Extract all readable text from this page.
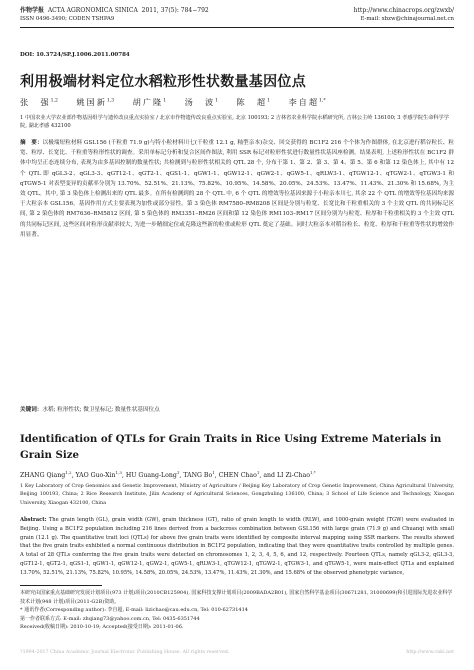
作物学报 ACTA AGRONOMICA SINICA 2011, 37(5): 784−792	http://www.chinacrops.org/zwxb/
ISSN 0496-3490; CODEN TSHPA9	E-mail: xbzw@chinajournal.net.cn
DOI: 10.3724/SP.J.1006.2011.00784
利用极端材料定位水稻粒形性状数量基因位点
张　强$^{1,2}$ 姚国新$^{1,3}$ 胡广隆$^1$ 汤　波$^1$ 陈　超$^1$ 李自超$^{1,*}$
1 中国农业大学农业部作物基因组学与遗传改良重点实验室 / 北京市作物遗传改良重点实验室, 北京 100193; 2 吉林省农业科学院水稻研究所, 吉林公主岭 136100; 3 孝感学院生命科学学院, 湖北孝感 432100
摘　要：以极端短粒材料 GSL156 (千粒重 71.9 g)与特小粒材料川七(千粒重 12.1 g, 籼型亲本)杂交、回交获得的 BC1F2 216 个个体为作图群体, 在北京进行稻谷粒长、粒宽、粒厚、长宽比、千粒重等粒形性状的调查。采用单标记分析和复合区间作图法, 利用 SSR 标记对粒形性状进行数量性状基因座检测。结果表明, 上述粒形性状在 BC1F2 群体中均呈正态连续分布, 表现为由多基因控制的数量性状; 共检测到与粒形性状相关的 QTL 28 个, 分布于第 1、第 2、第 3、第 4、第 5、第 6 和第 12 染色体上, 其中有 12 个 QTL 即 qGL3-2、qGL3-3、qGT12-1、qGT2-1、qGS1-1、qGW1-1、qGW12-1、qGW2-1、qGW5-1、qRLW3-1、qTGW12-1、qTGW2-1、qTGW3-1 和 qTGW5-1 对表型变异的贡献率分别为 13.70%、52.51%、21.13%、75.82%、10.95%、14.58%、20.05%、24.53%、13.47%、11.43%、21.30% 和 15.68%, 为主效 QTL。其中, 第 3 染色体上检测出来的 QTL 最多。在所有检测到的 28 个 QTL 中, 6 个 QTL 的增效等位基因来源于小粒亲本川七, 其余 22 个 QTL 的增效等位基因均来源于大粒亲本 GSL156。基因作用方式主要表现为加性或部分显性。第 3 染色体 RM7580–RM8208 区间是分别与粒宽、长宽比和千粒重相关的 3 个主效 QTL 的共同标记区间, 第 2 染色体的 RM7636–RM5812 区间, 第 5 染色体的 RM3351–RM26 区间和第 12 染色体 RM1103–RM17 区间分别为与粒宽、粒厚和千粒重相关的 3 个主效 QTL 的共同标记区间, 这些区间对粒形贡献率较大, 为进一步精细定位或克隆这些新的粒重或粒形 QTL 奠定了基础。同时大粒亲本对稻谷粒长、粒宽、粒厚和千粒重等性状的增效作用显著。
关键词：水稻; 粒形性状; 微卫星标记; 数量性状基因位点
Identification of QTLs for Grain Traits in Rice Using Extreme Materials in Grain Size
ZHANG Qiang$^{1,2}$, YAO Guo-Xin$^{1,3}$, HU Guang-Long$^1$, TANG Bo$^1$, CHEN Chao$^1$, and LI Zi-Chao$^{1,*}$
1 Key Laboratory of Crop Genomics and Genetic Improvement, Ministry of Agriculture / Beijing Key Laboratory of Crop Genetic Improvement, China Agricultural University, Beijing 100193, China; 2 Rice Research Institute, Jilin Academy of Agricultural Sciences, Gongzhuling 136100, China; 3 School of Life Science and Technology, Xiaogan University, Xiaogan 432100, China
Abstract: The grain length (GL), grain width (GW), grain thickness (GT), ratio of grain length to width (RLW), and 1000-grain weight (TGW) were evaluated in Beijing. Using a BC1F2 population including 216 lines derived from a backcross combination between GSL156 with large grain (71.9 g) and Chuanqi with small grain (12.1 g). The quantitative trait loci (QTLs) for above five grain traits were identified by composite interval mapping using SSR markers. The results showed that the five grain traits exhibited a normal continuous distribution in BC1F2 population, indicating that they were quantitative traits controlled by multiple genes. A total of 28 QTLs conferring the five grain traits were detected on chromosomes 1, 2, 3, 4, 5, 6, and 12, respectively. Fourteen QTLs, namely qGL3-2, qGL3-3, qGT12-1, qGT2-1, qGS1-1, qGW1-1, qGW12-1, qGW2-1, qGW5-1, qRLW3-1, qTGW12-1, qTGW2-1, qTGW3-1, and qTGW5-1, were main-effect QTLs and explained 13.70%, 52.51%, 21.13%, 75.82%, 10.95%, 14.58%, 20.05%, 24.53%, 13.47%, 11.43%, 21.30%, and 15.68% of the observed phenotypic variance,
本研究由国家重点基础研究发展计划项目(973 计划)项目(2010CB125904), 国家科技支撑计划项目(2009BADA2B01), 国家自然科学基金项目(30671281, 31000699)和引进国际先进农业科学技术计划(948 计划)项目(2011-G2B)资助。
* 通讯作者(Corresponding author): 李自超, E-mail: lizichao@cau.edu.cn, Tel: 010-62731414
第一作者联系方式: E-mail: zhqiang73@yahoo.com.cn, Tel: 0435-6351744
Received(收稿日期): 2010-10-19; Accepted(接受日期): 2011-01-06.
?1994-2017 China Academic Journal Electronic Publishing House. All rights reserved.	http://www.cnki.net
